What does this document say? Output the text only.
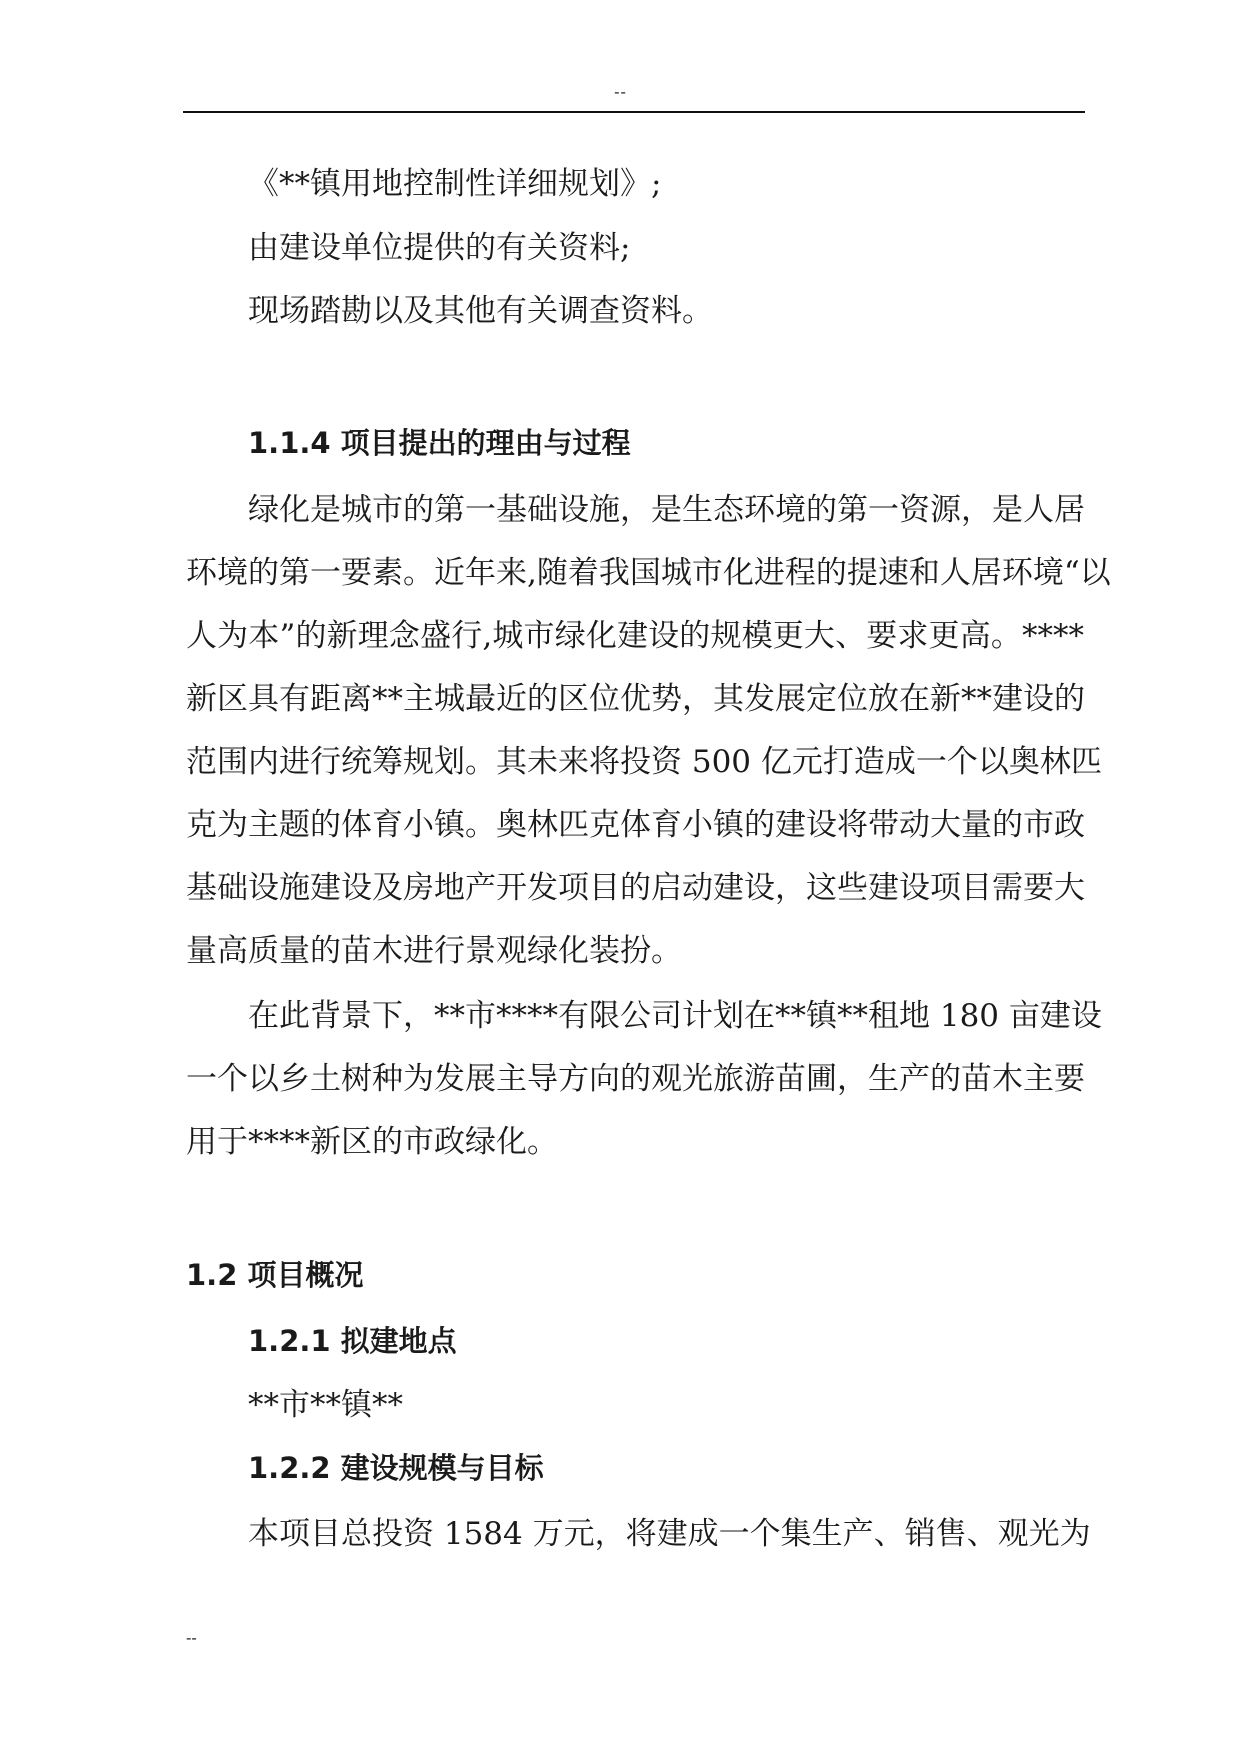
--
《**镇用地控制性详细规划》;
由建设单位提供的有关资料;
现场踏勘以及其他有关调查资料。
1.1.4 项目提出的理由与过程
绿化是城市的第一基础设施，是生态环境的第一资源，是人居
环境的第一要素。近年来,随着我国城市化进程的提速和人居环境“以
人为本”的新理念盛行,城市绿化建设的规模更大、要求更高。****
新区具有距离**主城最近的区位优势，其发展定位放在新**建设的
范围内进行统筹规划。其未来将投资 500 亿元打造成一个以奥林匹
克为主题的体育小镇。奥林匹克体育小镇的建设将带动大量的市政
基础设施建设及房地产开发项目的启动建设，这些建设项目需要大
量高质量的苗木进行景观绿化装扮。
在此背景下，**市****有限公司计划在**镇**租地 180 亩建设
一个以乡土树种为发展主导方向的观光旅游苗圃，生产的苗木主要
用于****新区的市政绿化。
1.2 项目概况
1.2.1 拟建地点
**市**镇**
1.2.2 建设规模与目标
本项目总投资 1584 万元，将建成一个集生产、销售、观光为
--
